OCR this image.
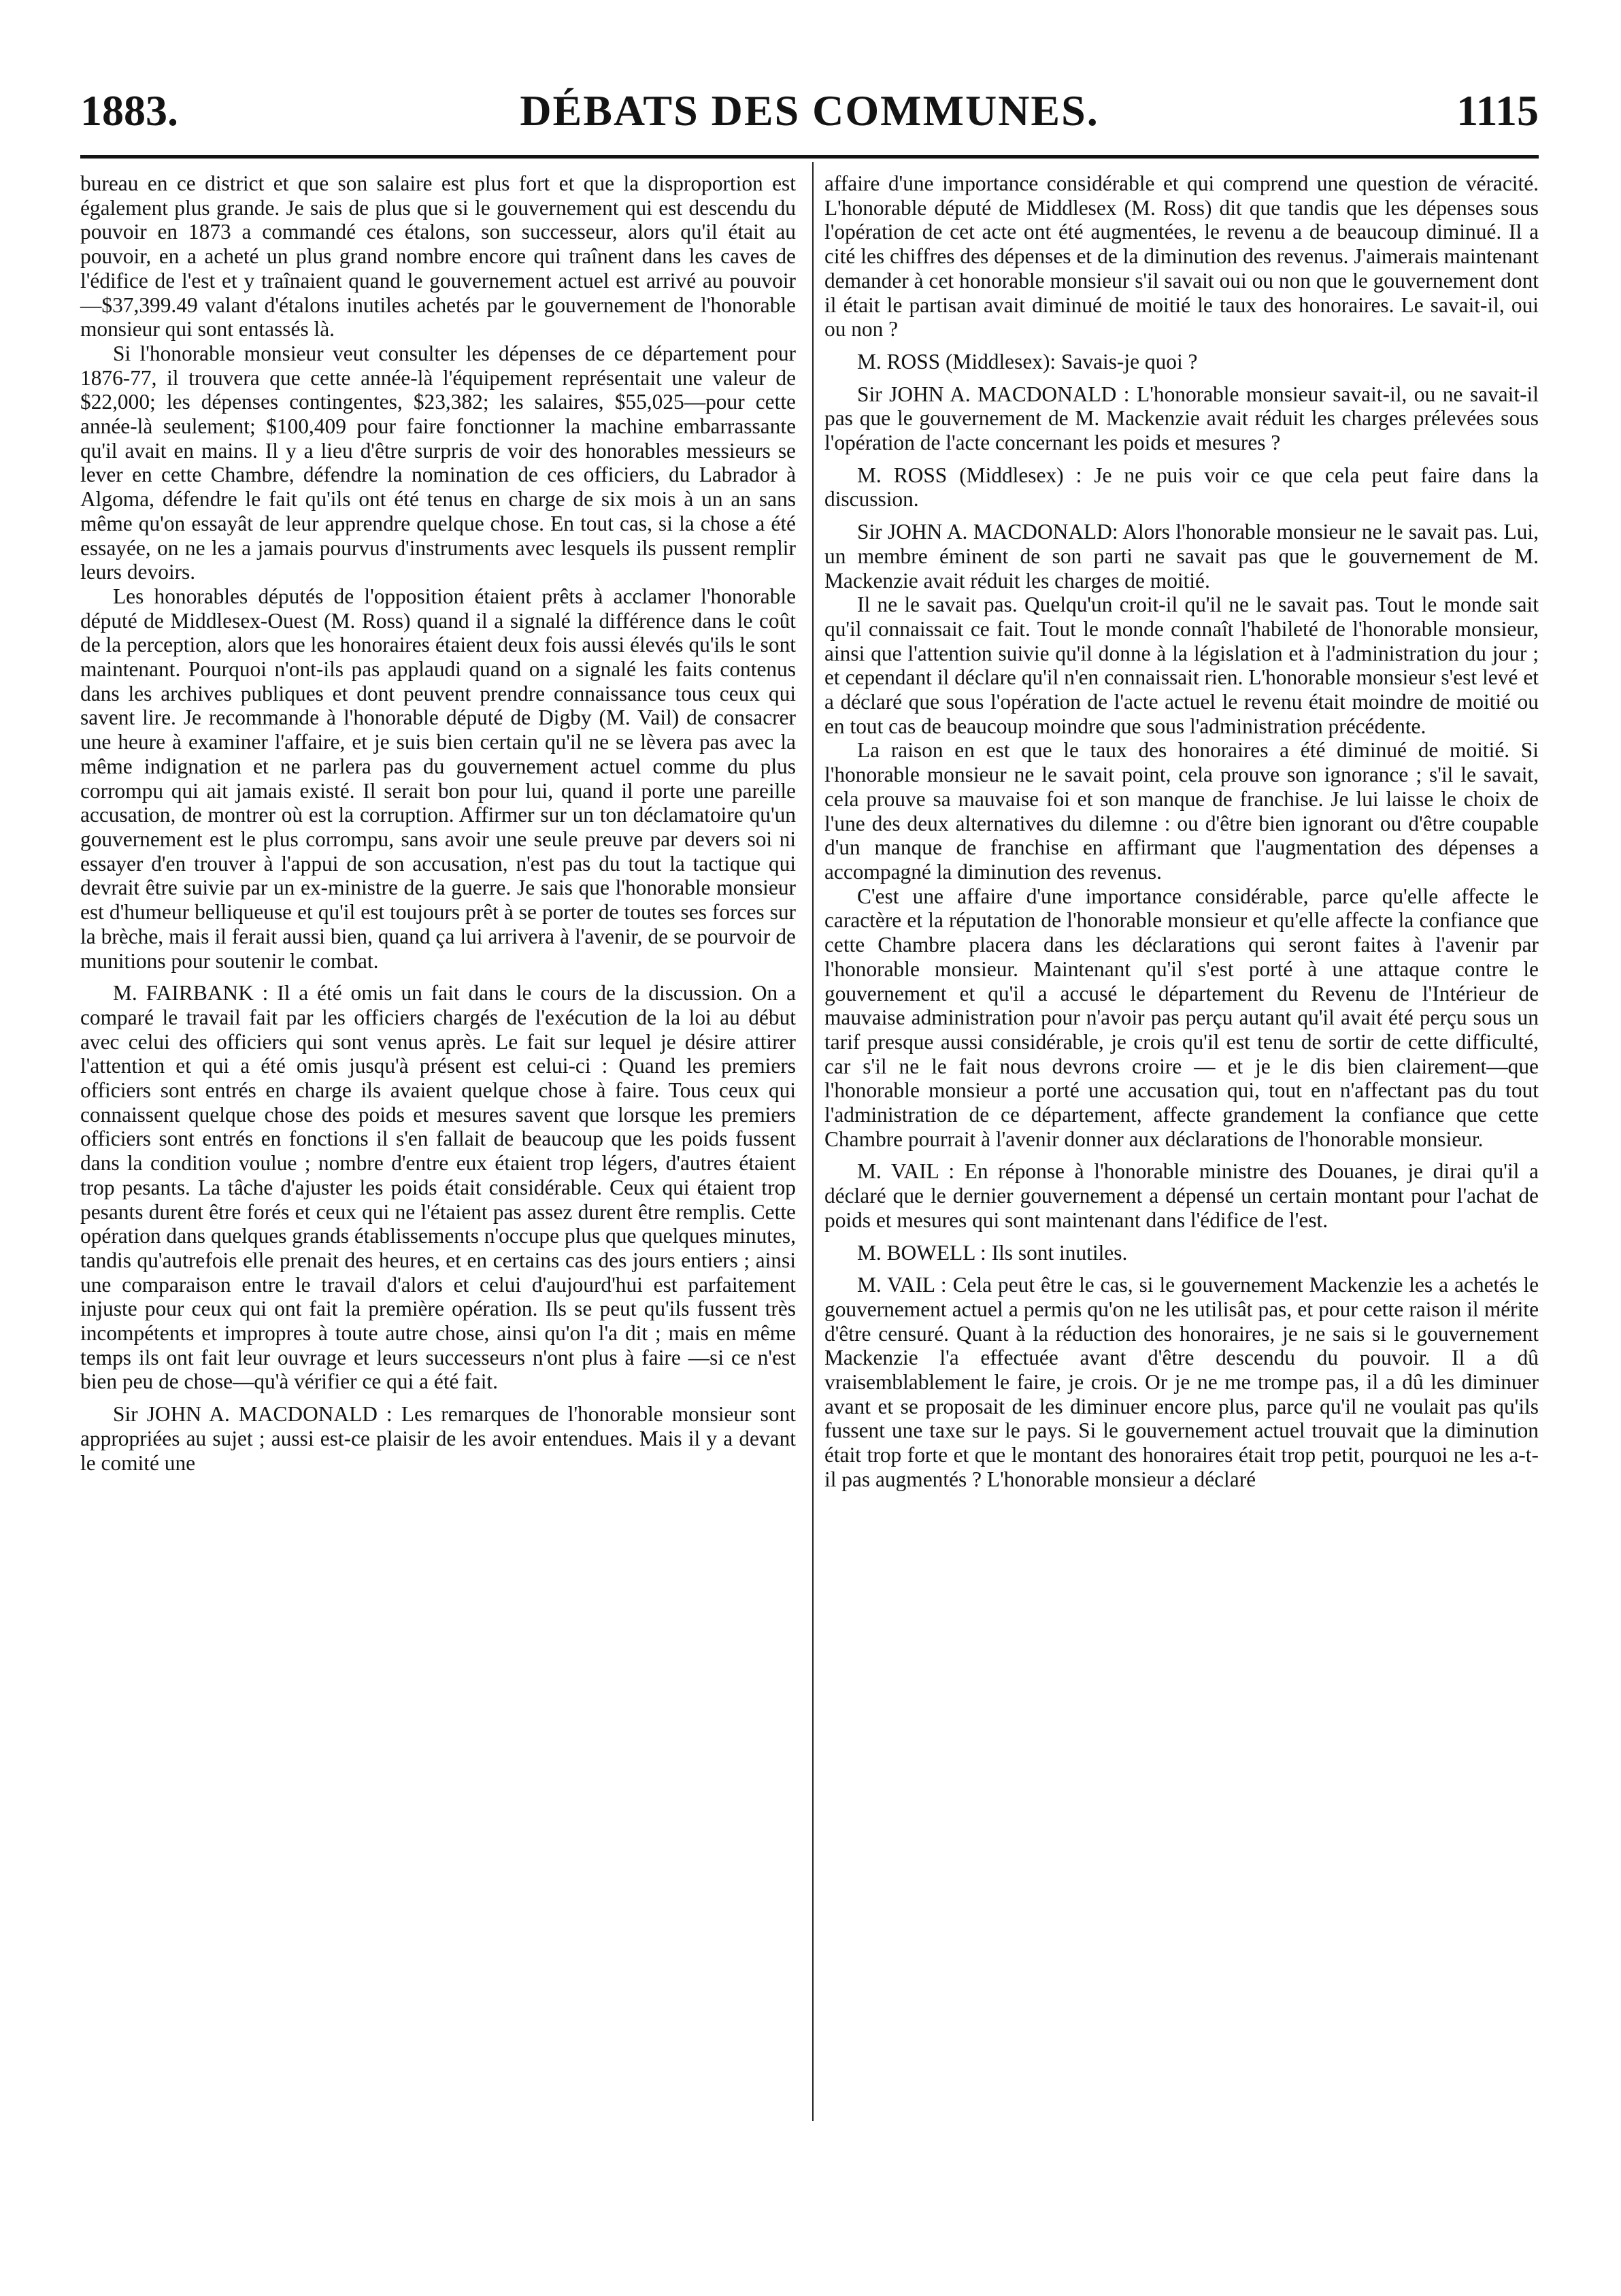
1883.	DÉBATS DES COMMUNES.	1115

bureau en ce district et que son salaire est plus fort et que la disproportion est également plus grande. Je sais de plus que si le gouvernement qui est descendu du pouvoir en 1873 a commandé ces étalons, son successeur, alors qu'il était au pouvoir, en a acheté un plus grand nombre encore qui traînent dans les caves de l'édifice de l'est et y traînaient quand le gouvernement actuel est arrivé au pouvoir—$37,399.49 valant d'étalons inutiles achetés par le gouvernement de l'honorable monsieur qui sont entassés là.

Si l'honorable monsieur veut consulter les dépenses de ce département pour 1876-77, il trouvera que cette année-là l'équipement représentait une valeur de $22,000; les dépenses contingentes, $23,382; les salaires, $55,025—pour cette année-là seulement; $100,409 pour faire fonctionner la machine embarrassante qu'il avait en mains. Il y a lieu d'être surpris de voir des honorables messieurs se lever en cette Chambre, défendre la nomination de ces officiers, du Labrador à Algoma, défendre le fait qu'ils ont été tenus en charge de six mois à un an sans même qu'on essayât de leur apprendre quelque chose. En tout cas, si la chose a été essayée, on ne les a jamais pourvus d'instruments avec lesquels ils pussent remplir leurs devoirs.

Les honorables députés de l'opposition étaient prêts à acclamer l'honorable député de Middlesex-Ouest (M. Ross) quand il a signalé la différence dans le coût de la perception, alors que les honoraires étaient deux fois aussi élevés qu'ils le sont maintenant. Pourquoi n'ont-ils pas applaudi quand on a signalé les faits contenus dans les archives publiques et dont peuvent prendre connaissance tous ceux qui savent lire. Je recommande à l'honorable député de Digby (M. Vail) de consacrer une heure à examiner l'affaire, et je suis bien certain qu'il ne se lèvera pas avec la même indignation et ne parlera pas du gouvernement actuel comme du plus corrompu qui ait jamais existé. Il serait bon pour lui, quand il porte une pareille accusation, de montrer où est la corruption. Affirmer sur un ton déclamatoire qu'un gouvernement est le plus corrompu, sans avoir une seule preuve par devers soi ni essayer d'en trouver à l'appui de son accusation, n'est pas du tout la tactique qui devrait être suivie par un ex-ministre de la guerre. Je sais que l'honorable monsieur est d'humeur belliqueuse et qu'il est toujours prêt à se porter de toutes ses forces sur la brèche, mais il ferait aussi bien, quand ça lui arrivera à l'avenir, de se pourvoir de munitions pour soutenir le combat.

M. FAIRBANK : Il a été omis un fait dans le cours de la discussion. On a comparé le travail fait par les officiers chargés de l'exécution de la loi au début avec celui des officiers qui sont venus après. Le fait sur lequel je désire attirer l'attention et qui a été omis jusqu'à présent est celui-ci : Quand les premiers officiers sont entrés en charge ils avaient quelque chose à faire. Tous ceux qui connaissent quelque chose des poids et mesures savent que lorsque les premiers officiers sont entrés en fonctions il s'en fallait de beaucoup que les poids fussent dans la condition voulue ; nombre d'entre eux étaient trop légers, d'autres étaient trop pesants. La tâche d'ajuster les poids était considérable. Ceux qui étaient trop pesants durent être forés et ceux qui ne l'étaient pas assez durent être remplis. Cette opération dans quelques grands établissements n'occupe plus que quelques minutes, tandis qu'autrefois elle prenait des heures, et en certains cas des jours entiers ; ainsi une comparaison entre le travail d'alors et celui d'aujourd'hui est parfaitement injuste pour ceux qui ont fait la première opération. Ils se peut qu'ils fussent très incompétents et impropres à toute autre chose, ainsi qu'on l'a dit ; mais en même temps ils ont fait leur ouvrage et leurs successeurs n'ont plus à faire —si ce n'est bien peu de chose—qu'à vérifier ce qui a été fait.

Sir JOHN A. MACDONALD : Les remarques de l'honorable monsieur sont appropriées au sujet ; aussi est-ce plaisir de les avoir entendues. Mais il y a devant le comité une

affaire d'une importance considérable et qui comprend une question de véracité. L'honorable député de Middlesex (M. Ross) dit que tandis que les dépenses sous l'opération de cet acte ont été augmentées, le revenu a de beaucoup diminué. Il a cité les chiffres des dépenses et de la diminution des revenus. J'aimerais maintenant demander à cet honorable monsieur s'il savait oui ou non que le gouvernement dont il était le partisan avait diminué de moitié le taux des honoraires. Le savait-il, oui ou non ?

M. ROSS (Middlesex): Savais-je quoi ?

Sir JOHN A. MACDONALD : L'honorable monsieur savait-il, ou ne savait-il pas que le gouvernement de M. Mackenzie avait réduit les charges prélevées sous l'opération de l'acte concernant les poids et mesures ?

M. ROSS (Middlesex) : Je ne puis voir ce que cela peut faire dans la discussion.

Sir JOHN A. MACDONALD: Alors l'honorable monsieur ne le savait pas. Lui, un membre éminent de son parti ne savait pas que le gouvernement de M. Mackenzie avait réduit les charges de moitié.

Il ne le savait pas. Quelqu'un croit-il qu'il ne le savait pas. Tout le monde sait qu'il connaissait ce fait. Tout le monde connaît l'habileté de l'honorable monsieur, ainsi que l'attention suivie qu'il donne à la législation et à l'administration du jour ; et cependant il déclare qu'il n'en connaissait rien. L'honorable monsieur s'est levé et a déclaré que sous l'opération de l'acte actuel le revenu était moindre de moitié ou en tout cas de beaucoup moindre que sous l'administration précédente.

La raison en est que le taux des honoraires a été diminué de moitié. Si l'honorable monsieur ne le savait point, cela prouve son ignorance ; s'il le savait, cela prouve sa mauvaise foi et son manque de franchise. Je lui laisse le choix de l'une des deux alternatives du dilemne : ou d'être bien ignorant ou d'être coupable d'un manque de franchise en affirmant que l'augmentation des dépenses a accompagné la diminution des revenus.

C'est une affaire d'une importance considérable, parce qu'elle affecte le caractère et la réputation de l'honorable monsieur et qu'elle affecte la confiance que cette Chambre placera dans les déclarations qui seront faites à l'avenir par l'honorable monsieur. Maintenant qu'il s'est porté à une attaque contre le gouvernement et qu'il a accusé le département du Revenu de l'Intérieur de mauvaise administration pour n'avoir pas perçu autant qu'il avait été perçu sous un tarif presque aussi considérable, je crois qu'il est tenu de sortir de cette difficulté, car s'il ne le fait nous devrons croire — et je le dis bien clairement—que l'honorable monsieur a porté une accusation qui, tout en n'affectant pas du tout l'administration de ce département, affecte grandement la confiance que cette Chambre pourrait à l'avenir donner aux déclarations de l'honorable monsieur.

M. VAIL : En réponse à l'honorable ministre des Douanes, je dirai qu'il a déclaré que le dernier gouvernement a dépensé un certain montant pour l'achat de poids et mesures qui sont maintenant dans l'édifice de l'est.

M. BOWELL : Ils sont inutiles.

M. VAIL : Cela peut être le cas, si le gouvernement Mackenzie les a achetés le gouvernement actuel a permis qu'on ne les utilisât pas, et pour cette raison il mérite d'être censuré. Quant à la réduction des honoraires, je ne sais si le gouvernement Mackenzie l'a effectuée avant d'être descendu du pouvoir. Il a dû vraisemblablement le faire, je crois. Or je ne me trompe pas, il a dû les diminuer avant et se proposait de les diminuer encore plus, parce qu'il ne voulait pas qu'ils fussent une taxe sur le pays. Si le gouvernement actuel trouvait que la diminution était trop forte et que le montant des honoraires était trop petit, pourquoi ne les a-t-il pas augmentés ? L'honorable monsieur a déclaré
